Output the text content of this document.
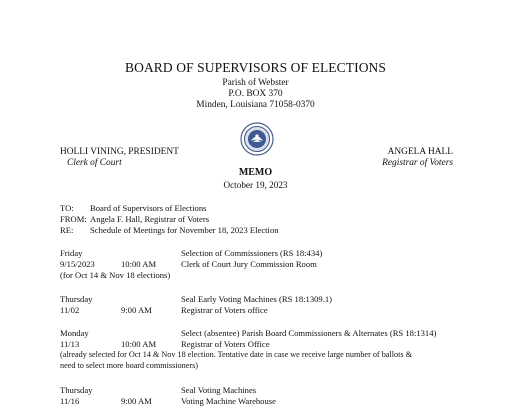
BOARD OF SUPERVISORS OF ELECTIONS
Parish of Webster
P.O. BOX 370
Minden, Louisiana 71058-0370
HOLLI VINING, PRESIDENT
Clerk of Court
ANGELA HALL
Registrar of Voters
MEMO
October 19, 2023
TO: Board of Supervisors of Elections
FROM: Angela F. Hall, Registrar of Voters
RE: Schedule of Meetings for November 18, 2023 Election
Friday	Selection of Commissioners (RS 18:434)
9/15/2023	10:00 AM	Clerk of Court Jury Commission Room
(for Oct 14 & Nov 18 elections)
Thursday	Seal Early Voting Machines (RS 18:1309.1)
11/02	9:00 AM	Registrar of Voters office
Monday	Select (absentee) Parish Board Commissioners & Alternates (RS 18:1314)
11/13	10:00 AM	Registrar of Voters Office
(already selected for Oct 14 & Nov 18 election. Tentative date in case we receive large number of ballots &
need to select more board commissioners)
Thursday	Seal Voting Machines
11/16	9:00 AM	Voting Machine Warehouse
